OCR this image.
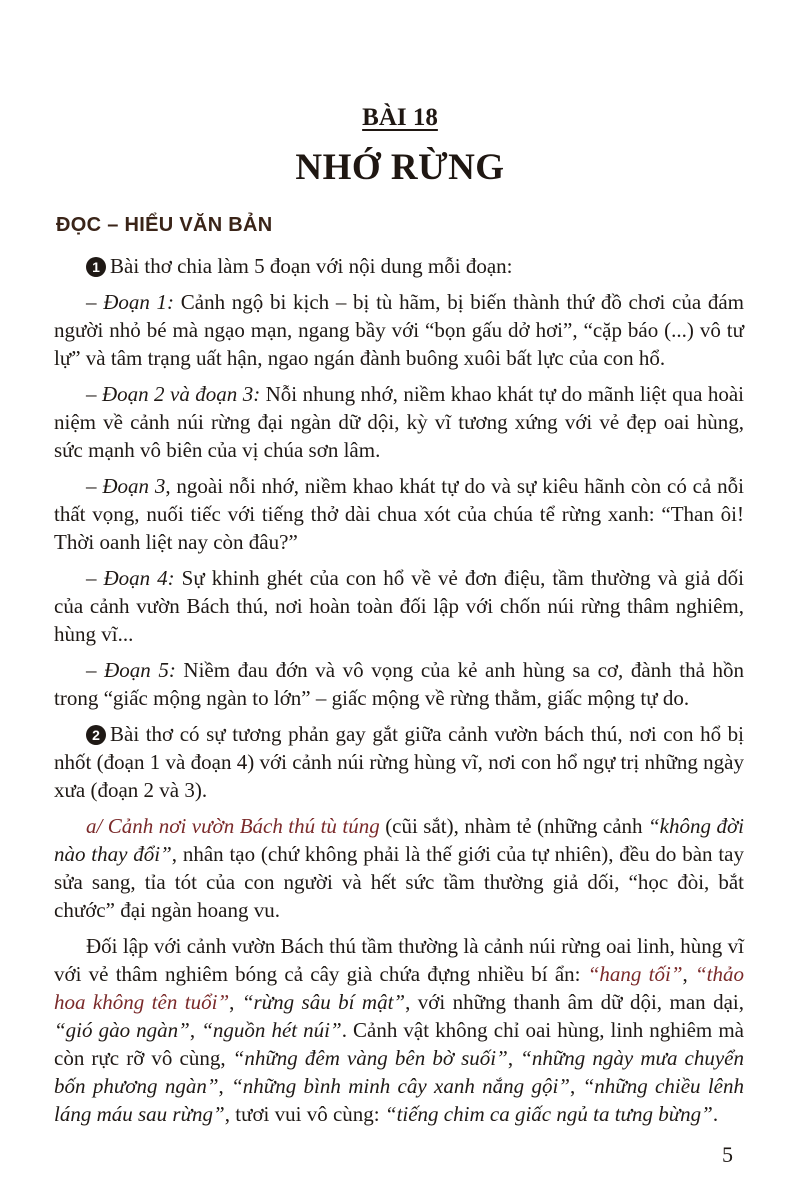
BÀI 18
NHỚ RỪNG
ĐỌC – HIỂU VĂN BẢN

1 Bài thơ chia làm 5 đoạn với nội dung mỗi đoạn:

– Đoạn 1: Cảnh ngộ bi kịch – bị tù hãm, bị biến thành thứ đồ chơi của đám người nhỏ bé mà ngạo mạn, ngang bầy với “bọn gấu dở hơi”, “cặp báo (...) vô tư lự” và tâm trạng uất hận, ngao ngán đành buông xuôi bất lực của con hổ.

– Đoạn 2 và đoạn 3: Nỗi nhung nhớ, niềm khao khát tự do mãnh liệt qua hoài niệm về cảnh núi rừng đại ngàn dữ dội, kỳ vĩ tương xứng với vẻ đẹp oai hùng, sức mạnh vô biên của vị chúa sơn lâm.

– Đoạn 3, ngoài nỗi nhớ, niềm khao khát tự do và sự kiêu hãnh còn có cả nỗi thất vọng, nuối tiếc với tiếng thở dài chua xót của chúa tể rừng xanh: “Than ôi! Thời oanh liệt nay còn đâu?”

– Đoạn 4: Sự khinh ghét của con hổ về vẻ đơn điệu, tầm thường và giả dối của cảnh vườn Bách thú, nơi hoàn toàn đối lập với chốn núi rừng thâm nghiêm, hùng vĩ...

– Đoạn 5: Niềm đau đớn và vô vọng của kẻ anh hùng sa cơ, đành thả hồn trong “giấc mộng ngàn to lớn” – giấc mộng về rừng thẳm, giấc mộng tự do.

2 Bài thơ có sự tương phản gay gắt giữa cảnh vườn bách thú, nơi con hổ bị nhốt (đoạn 1 và đoạn 4) với cảnh núi rừng hùng vĩ, nơi con hổ ngự trị những ngày xưa (đoạn 2 và 3).

a/ Cảnh nơi vườn Bách thú tù túng (cũi sắt), nhàm tẻ (những cảnh “không đời nào thay đổi”, nhân tạo (chứ không phải là thế giới của tự nhiên), đều do bàn tay sửa sang, tỉa tót của con người và hết sức tầm thường giả dối, “học đòi, bắt chước” đại ngàn hoang vu.

Đối lập với cảnh vườn Bách thú tầm thường là cảnh núi rừng oai linh, hùng vĩ với vẻ thâm nghiêm bóng cả cây già chứa đựng nhiều bí ẩn: “hang tối”, “thảo hoa không tên tuổi”, “rừng sâu bí mật”, với những thanh âm dữ dội, man dại, “gió gào ngàn”, “nguồn hét núi”. Cảnh vật không chỉ oai hùng, linh nghiêm mà còn rực rỡ vô cùng, “những đêm vàng bên bờ suối”, “những ngày mưa chuyển bốn phương ngàn”, “những bình minh cây xanh nắng gội”, “những chiều lênh láng máu sau rừng”, tươi vui vô cùng: “tiếng chim ca giấc ngủ ta tưng bừng”.

5
